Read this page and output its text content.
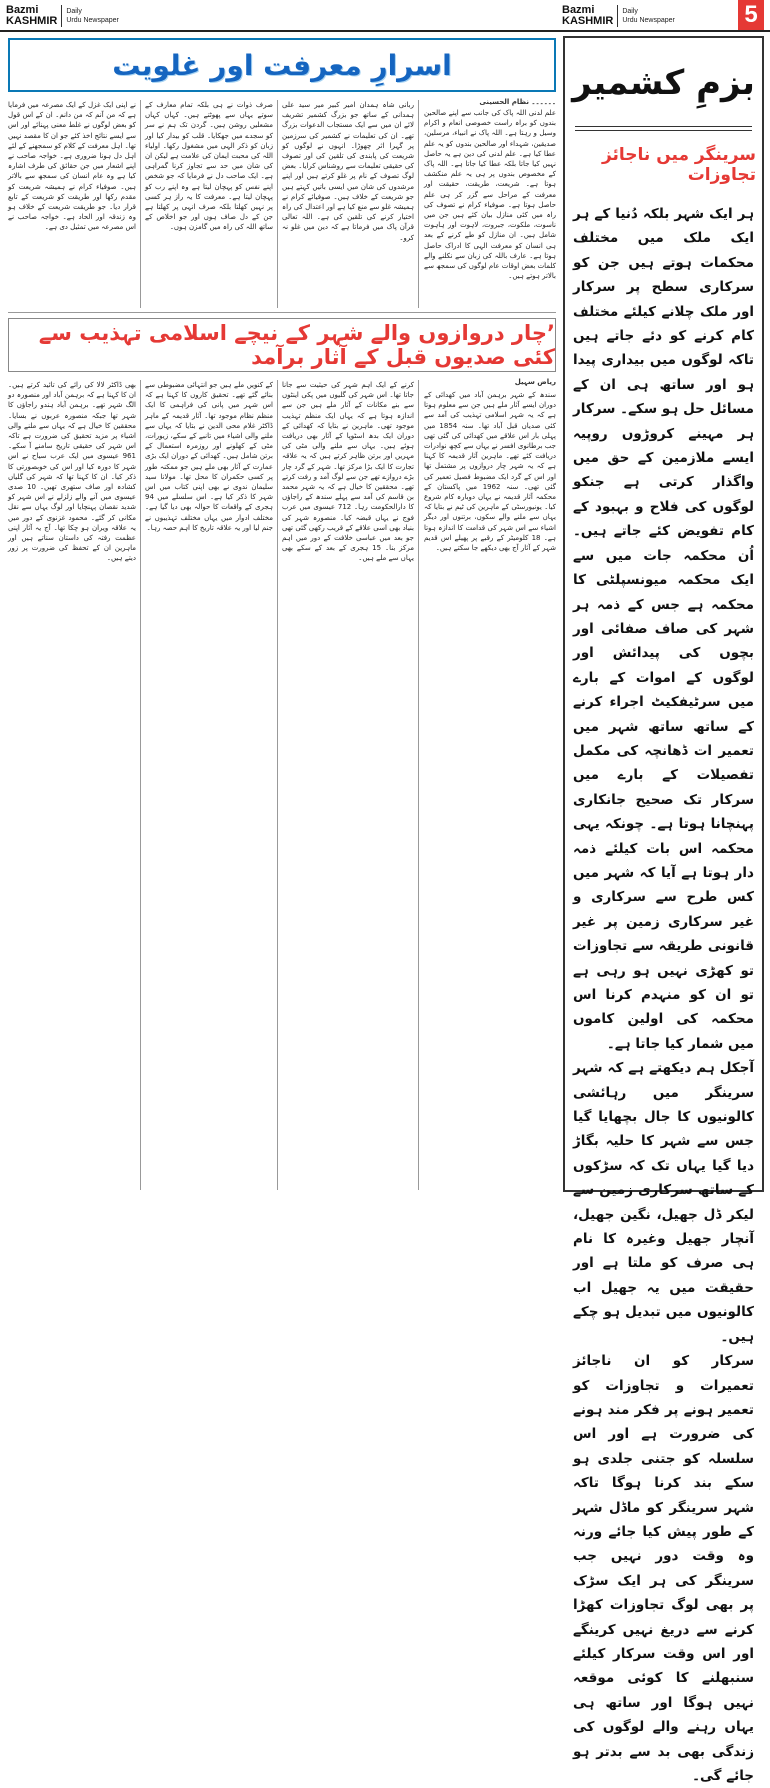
Bazmi
KASHMIR
Daily
Urdu Newspaper
Bazmi
KASHMIR
Daily
Urdu Newspaper	5
اسرارِ معرفت اور غلویت
۔۔۔۔۔۔ نظام الحسینی
علم لدنی اللہ پاک کی جانب سے اپنے صالحین بندوں کو براہ راست خصوصی انعام و اکرام وسیل و رہتا ہے۔ اللہ پاک نے انبیاء، مرسلین، صدیقین، شہداء اور صالحین بندوں کو یہ علم عطا کیا ہے۔ علم لدنی کی دین ہے یہ حاصل نہیں کیا جاتا بلکہ عطا کیا جاتا ہے۔ اللہ پاک کے مخصوص بندوں پر ہی یہ علم منکشف ہوتا ہے۔ شریعت، طریقت، حقیقت اور معرفت کے مراحل سے گزر کر ہی علم حاصل ہوتا ہے۔ صوفیاء کرام نے تصوف کی راہ میں کئی منازل بیان کئے ہیں جن میں ناسوت، ملکوت، جبروت، لاہوت اور ہاہوت شامل ہیں۔ ان منازل کو طے کرنے کے بعد ہی انسان کو معرفت الہی کا ادراک حاصل ہوتا ہے۔ عارف باللہ کی زبان سے نکلنے والے کلمات بعض اوقات عام لوگوں کی سمجھ سے بالاتر ہوتے ہیں۔
ربانی شاہ ہمدان امیر کبیر میر سید علی ہمدانی کے ساتھ جو بزرگ کشمیر تشریف لائے ان میں سے ایک مستجاب الدعوات بزرگ تھے۔ ان کی تعلیمات نے کشمیر کی سرزمین پر گہرا اثر چھوڑا۔ انہوں نے لوگوں کو شریعت کی پابندی کی تلقین کی اور تصوف کی حقیقی تعلیمات سے روشناس کرایا۔ بعض لوگ تصوف کے نام پر غلو کرتے ہیں اور اپنے مرشدوں کی شان میں ایسی باتیں کہتے ہیں جو شریعت کے خلاف ہیں۔ صوفیائے کرام نے ہمیشہ غلو سے منع کیا ہے اور اعتدال کی راہ اختیار کرنے کی تلقین کی ہے۔ اللہ تعالی قرآن پاک میں فرماتا ہے کہ دین میں غلو نہ کرو۔
صرف ذوات نے ہی بلکہ تمام معارف کے سوتے یہاں سے پھوٹتے ہیں۔ کہاں کہاں مشعلیں روشن ہیں۔ گردن تک ہم نے سر کو سجدے میں جھکایا۔ قلب کو بیدار کیا اور زبان کو ذکر الہی میں مشغول رکھا۔ اولیاء اللہ کی محبت ایمان کی علامت ہے لیکن ان کی شان میں حد سے تجاوز کرنا گمراہی ہے۔ ایک صاحب دل نے فرمایا کہ جو شخص اپنے نفس کو پہچان لیتا ہے وہ اپنے رب کو پہچان لیتا ہے۔ معرفت کا یہ راز ہر کسی پر نہیں کھلتا بلکہ صرف انہی پر کھلتا ہے جن کے دل صاف ہوں اور جو اخلاص کے ساتھ اللہ کی راہ میں گامزن ہوں۔
نے اپنی ایک غزل کے ایک مصرعہ میں فرمایا ہے کہ من آنم کہ من دانم۔ ان کے اس قول کو بعض لوگوں نے غلط معنی پہنائے اور اس سے ایسے نتائج اخذ کئے جو ان کا مقصد نہیں تھا۔ اہل معرفت کے کلام کو سمجھنے کے لئے اہل دل ہونا ضروری ہے۔ خواجہ صاحب نے اپنے اشعار میں جن حقائق کی طرف اشارہ کیا ہے وہ عام انسان کی سمجھ سے بالاتر ہیں۔ صوفیاء کرام نے ہمیشہ شریعت کو مقدم رکھا اور طریقت کو شریعت کے تابع قرار دیا۔ جو طریقت شریعت کے خلاف ہو وہ زندقہ اور الحاد ہے۔ خواجہ صاحب نے اس مصرعہ میں تمثیل دی ہے۔
’چار دروازوں والے شہر کے نیچے اسلامی تہذیب سے کئی صدیوں قبل کے آثار برآمد
ریاض سہیل
سندھ کے شہر برہمن آباد میں کھدائی کے دوران ایسے آثار ملے ہیں جن سے معلوم ہوتا ہے کہ یہ شہر اسلامی تہذیب کی آمد سے کئی صدیاں قبل آباد تھا۔ سنہ 1854 میں پہلی بار اس علاقے میں کھدائی کی گئی تھی جب برطانوی افسر نے یہاں سے کچھ نوادرات دریافت کئے تھے۔ ماہرین آثار قدیمہ کا کہنا ہے کہ یہ شہر چار دروازوں پر مشتمل تھا اور اس کے گرد ایک مضبوط فصیل تعمیر کی گئی تھی۔ سنہ 1962 میں پاکستان کے محکمہ آثار قدیمہ نے یہاں دوبارہ کام شروع کیا۔ یونیورسٹی کے ماہرین کی ٹیم نے بتایا کہ یہاں سے ملنے والے سکوں، برتنوں اور دیگر اشیاء سے اس شہر کی قدامت کا اندازہ ہوتا ہے۔ 18 کلومیٹر کے رقبے پر پھیلے اس قدیم شہر کے آثار آج بھی دیکھے جا سکتے ہیں۔
کرنے کے ایک اہم شہر کی حیثیت سے جانا جاتا تھا۔ اس شہر کی گلیوں میں پکی اینٹوں سے بنے مکانات کے آثار ملے ہیں جن سے اندازہ ہوتا ہے کہ یہاں ایک منظم تہذیب موجود تھی۔ ماہرین نے بتایا کہ کھدائی کے دوران ایک بدھ اسٹوپا کے آثار بھی دریافت ہوئے ہیں۔ یہاں سے ملنے والی مٹی کی مہریں اور برتن ظاہر کرتے ہیں کہ یہ علاقہ تجارت کا ایک بڑا مرکز تھا۔ شہر کے گرد چار بڑے دروازے تھے جن سے لوگ آمد و رفت کرتے تھے۔ محققین کا خیال ہے کہ یہ شہر محمد بن قاسم کی آمد سے پہلے سندھ کے راجاؤں کا دارالحکومت رہا۔ 712 عیسوی میں عرب فوج نے یہاں قبضہ کیا۔ منصورہ شہر کی بنیاد بھی اسی علاقے کے قریب رکھی گئی تھی جو بعد میں عباسی خلافت کے دور میں اہم مرکز بنا۔ 15 ہجری کے بعد کے سکے بھی یہاں سے ملے ہیں۔
کے کنویں ملے ہیں جو انتہائی مضبوطی سے بنائے گئے تھے۔ تحقیق کاروں کا کہنا ہے کہ اس شہر میں پانی کی فراہمی کا ایک منظم نظام موجود تھا۔ آثار قدیمہ کے ماہر ڈاکٹر غلام محی الدین نے بتایا کہ یہاں سے ملنے والی اشیاء میں تانبے کے سکے، زیورات، مٹی کے کھلونے اور روزمرہ استعمال کے برتن شامل ہیں۔ کھدائی کے دوران ایک بڑی عمارت کے آثار بھی ملے ہیں جو ممکنہ طور پر کسی حکمران کا محل تھا۔ مولانا سید سلیمان ندوی نے بھی اپنی کتاب میں اس شہر کا ذکر کیا ہے۔ اس سلسلے میں 94 ہجری کے واقعات کا حوالہ بھی دیا گیا ہے۔ مختلف ادوار میں یہاں مختلف تہذیبوں نے جنم لیا اور یہ علاقہ تاریخ کا اہم حصہ رہا۔
بھی ڈاکٹر لالا کی رائے کی تائید کرتے ہیں۔ ان کا کہنا ہے کہ برہمن آباد اور منصورہ دو الگ شہر تھے۔ برہمن آباد ہندو راجاؤں کا شہر تھا جبکہ منصورہ عربوں نے بسایا۔ محققین کا خیال ہے کہ یہاں سے ملنے والی اشیاء پر مزید تحقیق کی ضرورت ہے تاکہ اس شہر کی حقیقی تاریخ سامنے آ سکے۔ 961 عیسوی میں ایک عرب سیاح نے اس شہر کا دورہ کیا اور اس کی خوبصورتی کا ذکر کیا۔ ان کا کہنا تھا کہ شہر کی گلیاں کشادہ اور صاف ستھری تھیں۔ 10 صدی عیسوی میں آنے والے زلزلے نے اس شہر کو شدید نقصان پہنچایا اور لوگ یہاں سے نقل مکانی کر گئے۔ محمود غزنوی کے دور میں یہ علاقہ ویران ہو چکا تھا۔ آج یہ آثار اپنی عظمت رفتہ کی داستان سناتے ہیں اور ماہرین ان کے تحفظ کی ضرورت پر زور دیتے ہیں۔
بزمِ کشمیر
سرینگر میں ناجائز تجاوزات

ہر ایک شہر بلکہ دُنیا کے ہر ایک ملک میں مختلف محکمات ہوتے ہیں جن کو سرکاری سطح پر سرکار اور ملک چلانے کیلئے مختلف کام کرنے کو دئے جاتے ہیں تاکہ لوگوں میں بیداری پیدا ہو اور ساتھ ہی ان کے مسائل حل ہو سکے۔ سرکار ہر مہینے کروڑوں روپیہ ایسے ملازمین کے حق میں واگذار کرتی ہے جنکو لوگوں کی فلاح و بہبود کے کام تفویض کئے جاتے ہیں۔ اُن محکمہ جات میں سے ایک محکمہ میونسپلٹی کا محکمہ ہے جس کے ذمہ ہر شہر کی صاف صفائی اور بچوں کی پیدائش اور لوگوں کے اموات کے بارے میں سرٹیفکیٹ اجراء کرنے کے ساتھ ساتھ شہر میں تعمیر ات ڈھانچہ کی مکمل تفصیلات کے بارے میں سرکار تک صحیح جانکاری پہنچانا ہوتا ہے۔ چونکہ یہی محکمہ اس بات کیلئے ذمہ دار ہوتا ہے آیا کہ شہر میں کس طرح سے سرکاری و غیر سرکاری زمین پر غیر قانونی طریقہ سے تجاوزات تو کھڑی نہیں ہو رہی ہے تو ان کو منہدم کرنا اس محکمہ کی اولین کاموں میں شمار کیا جاتا ہے۔

آجکل ہم دیکھتے ہے کہ شہر سرینگر میں رہائشی کالونیوں کا جال بچھایا گیا جس سے شہر کا حلیہ بگاڑ دیا گیا یہاں تک کہ سڑکوں کے ساتھ سرکاری زمین سے لیکر ڈل جھیل، نگین جھیل، آنچار جھیل وغیرہ کا نام ہی صرف کو ملتا ہے اور حقیقت میں یہ جھیل اب کالونیوں میں تبدیل ہو چکے ہیں۔

سرکار کو ان ناجائز تعمیرات و تجاوزات کو تعمیر ہونے پر فکر مند ہونے کی ضرورت ہے اور اس سلسلہ کو جتنی جلدی ہو سکے بند کرنا ہوگا تاکہ شہر سرینگر کو ماڈل شہر کے طور پیش کیا جائے ورنہ وہ وقت دور نہیں جب سرینگر کی ہر ایک سڑک پر بھی لوگ تجاوزات کھڑا کرنے سے دریغ نہیں کرینگے اور اس وقت سرکار کیلئے سنبھلنے کا کوئی موقعہ نہیں ہوگا اور ساتھ ہی یہاں رہنے والے لوگوں کی زندگی بھی بد سے بدتر ہو جائے گی۔
